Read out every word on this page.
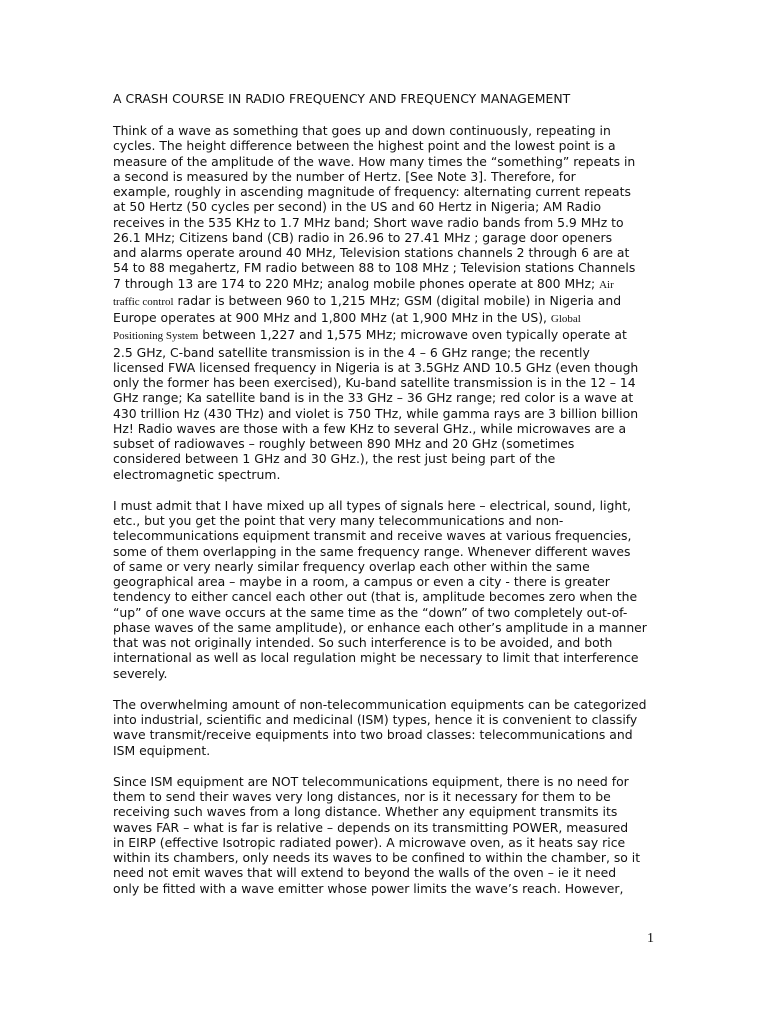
A CRASH COURSE IN RADIO FREQUENCY AND FREQUENCY MANAGEMENT
Think of a wave as something that goes up and down continuously, repeating in
cycles. The height difference between the highest point and the lowest point is a
measure of the amplitude of the wave. How many times the “something” repeats in
a second is measured by the number of Hertz. [See Note 3]. Therefore, for
example, roughly in ascending magnitude of frequency: alternating current repeats
at 50 Hertz (50 cycles per second) in the US and 60 Hertz in Nigeria; AM Radio
receives in the 535 KHz to 1.7 MHz band; Short wave radio bands from 5.9 MHz to
26.1 MHz; Citizens band (CB) radio in 26.96 to 27.41 MHz ; garage door openers
and alarms operate around 40 MHz, Television stations channels 2 through 6 are at
54 to 88 megahertz, FM radio between 88 to 108 MHz ; Television stations Channels
7 through 13 are 174 to 220 MHz; analog mobile phones operate at 800 MHz; Air
traffic control radar is between 960 to 1,215 MHz; GSM (digital mobile) in Nigeria and
Europe operates at 900 MHz and 1,800 MHz (at 1,900 MHz in the US), Global
Positioning System between 1,227 and 1,575 MHz; microwave oven typically operate at
2.5 GHz, C-band satellite transmission is in the 4 – 6 GHz range; the recently
licensed FWA licensed frequency in Nigeria is at 3.5GHz AND 10.5 GHz (even though
only the former has been exercised), Ku-band satellite transmission is in the 12 – 14
GHz range; Ka satellite band is in the 33 GHz – 36 GHz range; red color is a wave at
430 trillion Hz (430 THz) and violet is 750 THz, while gamma rays are 3 billion billion
Hz! Radio waves are those with a few KHz to several GHz., while microwaves are a
subset of radiowaves – roughly between 890 MHz and 20 GHz (sometimes
considered between 1 GHz and 30 GHz.), the rest just being part of the
electromagnetic spectrum.
I must admit that I have mixed up all types of signals here – electrical, sound, light,
etc., but you get the point that very many telecommunications and non-
telecommunications equipment transmit and receive waves at various frequencies,
some of them overlapping in the same frequency range. Whenever different waves
of same or very nearly similar frequency overlap each other within the same
geographical area – maybe in a room, a campus or even a city - there is greater
tendency to either cancel each other out (that is, amplitude becomes zero when the
“up” of one wave occurs at the same time as the “down” of two completely out-of-
phase waves of the same amplitude), or enhance each other’s amplitude in a manner
that was not originally intended. So such interference is to be avoided, and both
international as well as local regulation might be necessary to limit that interference
severely.
The overwhelming amount of non-telecommunication equipments can be categorized
into industrial, scientific and medicinal (ISM) types, hence it is convenient to classify
wave transmit/receive equipments into two broad classes: telecommunications and
ISM equipment.
Since ISM equipment are NOT telecommunications equipment, there is no need for
them to send their waves very long distances, nor is it necessary for them to be
receiving such waves from a long distance. Whether any equipment transmits its
waves FAR – what is far is relative – depends on its transmitting POWER, measured
in EIRP (effective Isotropic radiated power). A microwave oven, as it heats say rice
within its chambers, only needs its waves to be confined to within the chamber, so it
need not emit waves that will extend to beyond the walls of the oven – ie it need
only be fitted with a wave emitter whose power limits the wave’s reach. However,
1
